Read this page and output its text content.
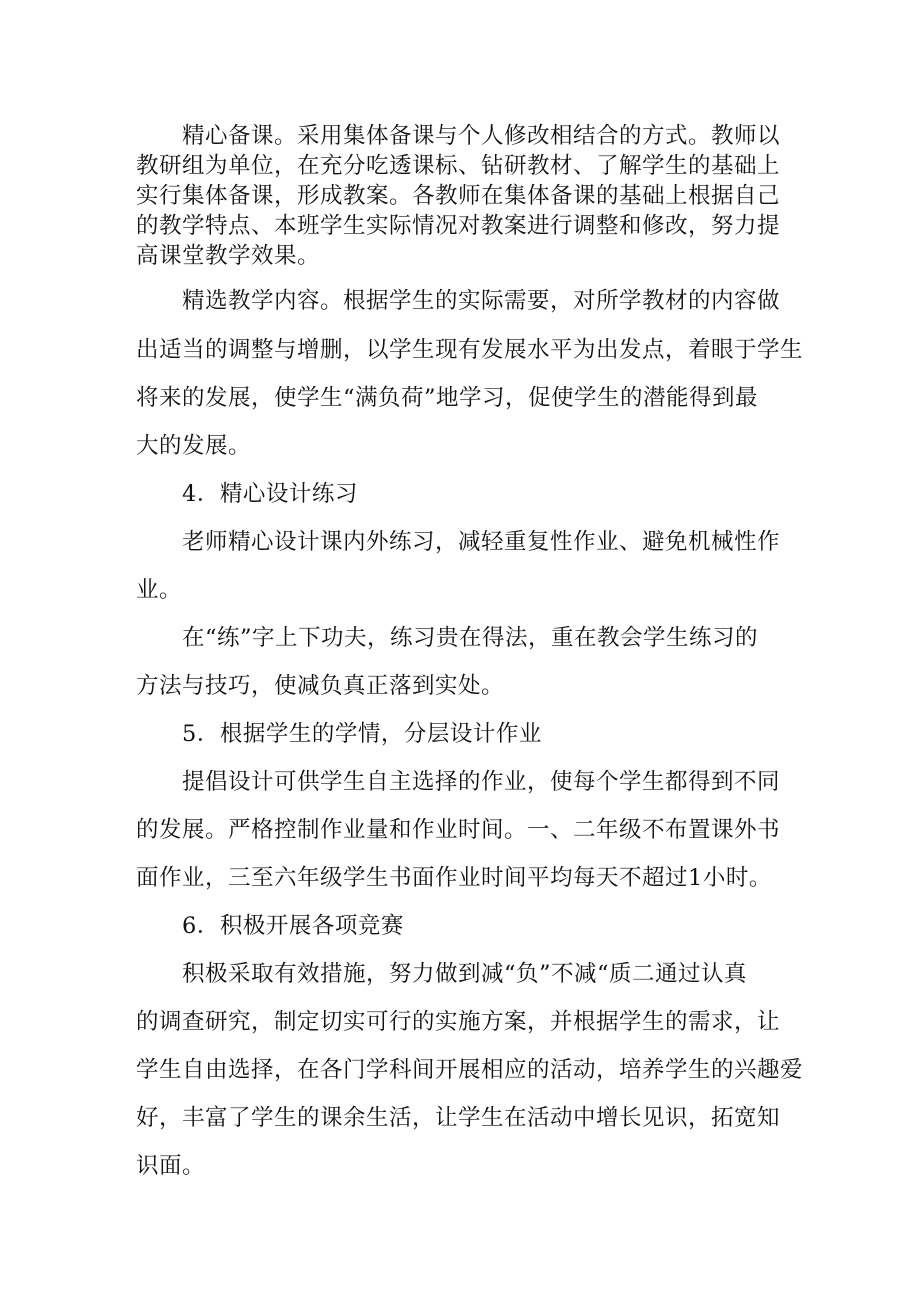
　　精心备课。采用集体备课与个人修改相结合的方式。教师以

教研组为单位，在充分吃透课标、钻研教材、了解学生的基础上

实行集体备课，形成教案。各教师在集体备课的基础上根据自己

的教学特点、本班学生实际情况对教案进行调整和修改，努力提

高课堂教学效果。

　　精选教学内容。根据学生的实际需要，对所学教材的内容做

出适当的调整与增删，以学生现有发展水平为出发点，着眼于学生

将来的发展，使学生“满负荷”地学习，促使学生的潜能得到最

大的发展。

　　4．精心设计练习

　　老师精心设计课内外练习，减轻重复性作业、避免机械性作

业。

　　在“练”字上下功夫，练习贵在得法，重在教会学生练习的

方法与技巧，使减负真正落到实处。

　　5．根据学生的学情，分层设计作业

　　提倡设计可供学生自主选择的作业，使每个学生都得到不同

的发展。严格控制作业量和作业时间。一、二年级不布置课外书

面作业，三至六年级学生书面作业时间平均每天不超过1小时。

　　6．积极开展各项竞赛

　　积极采取有效措施，努力做到减“负”不减“质二通过认真

的调查研究，制定切实可行的实施方案，并根据学生的需求，让

学生自由选择，在各门学科间开展相应的活动，培养学生的兴趣爱

好，丰富了学生的课余生活，让学生在活动中增长见识，拓宽知

识面。
